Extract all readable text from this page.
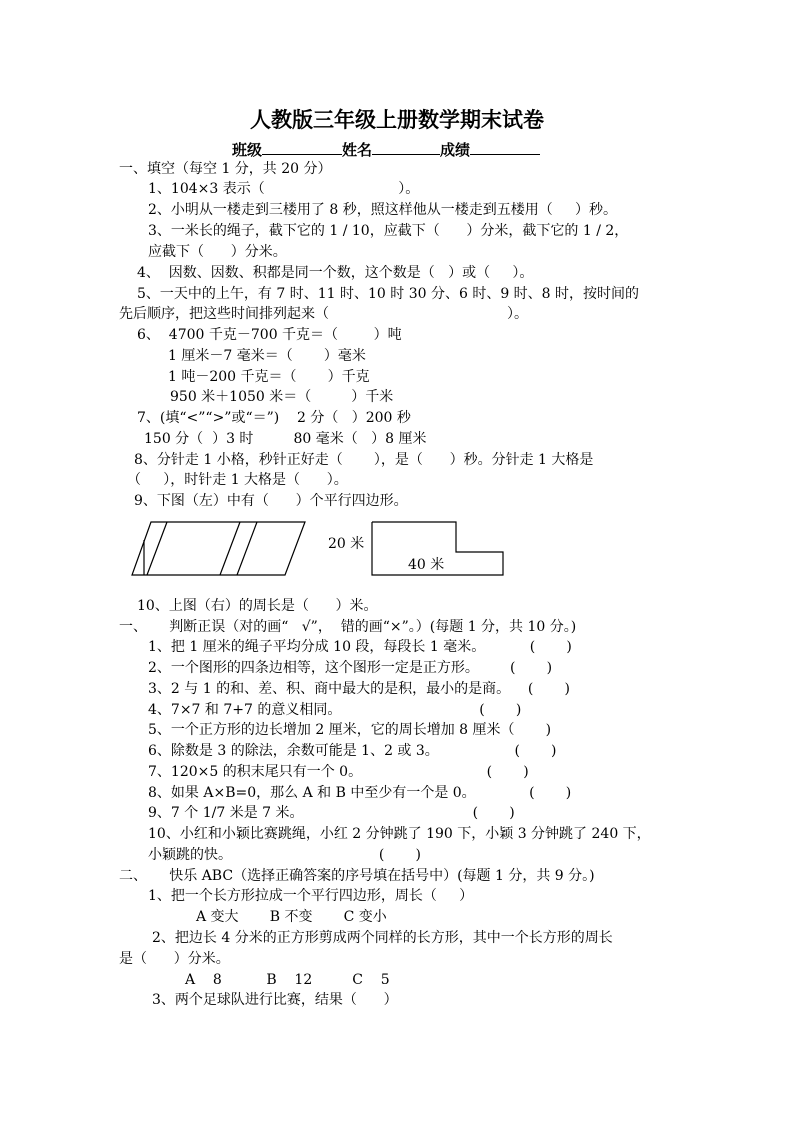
人教版三年级上册数学期末试卷
班级	姓名	成绩
一、填空（每空 1 分，共 20 分）
1、104×3 表示（                              ）。
2、小明从一楼走到三楼用了 8 秒，照这样他从一楼走到五楼用（     ）秒。
3、一米长的绳子，截下它的 1 / 10，应截下（      ）分米，截下它的 1 / 2，
应截下（      ）分米。
4、  因数、因数、积都是同一个数，这个数是（   ）或（     ）。
5、一天中的上午，有 7 时、11 时、10 时 30 分、6 时、9 时、8 时，按时间的
先后顺序，把这些时间排列起来（                                        ）。
6、  4700 千克－700 千克＝（        ）吨
1 厘米－7 毫米＝（       ）毫米
1 吨－200 千克＝（       ）千克
950 米＋1050 米＝（         ）千米
7、(填“<”“>”或“＝”)    2 分（   ）200 秒
150 分（  ）3 时         80 毫米（   ）8 厘米
8、分针走 1 小格，秒针正好走（       ），是（      ）秒。分针走 1 大格是
（     ），时针走 1 大格是（      ）。
9、下图（左）中有（      ）个平行四边形。
20 米
40 米
10、上图（右）的周长是（      ）米。
一、     判断正误（对的画“   √”，  错的画“×”。）(每题 1 分，共 10 分。)
1、把 1 厘米的绳子平均分成 10 段，每段长 1 毫米。          (       )
2、一个图形的四条边相等，这个图形一定是正方形。       (       )
3、2 与 1 的和、差、积、商中最大的是积，最小的是商。    (       )
4、7×7 和 7+7 的意义相同。                               (       )
5、一个正方形的边长增加 2 厘米，它的周长增加 8 厘米（       )
6、除数是 3 的除法，余数可能是 1、2 或 3。                 (       )
7、120×5 的积末尾只有一个 0。                            (       )
8、如果 A×B=0，那么 A 和 B 中至少有一个是 0。            (       )
9、7 个 1/7 米是 7 米。                                      (       )
10、小红和小颖比赛跳绳，小红 2 分钟跳了 190 下，小颖 3 分钟跳了 240 下，
小颖跳的快。                                 (       )
二、     快乐 ABC（选择正确答案的序号填在括号中）(每题 1 分，共 9 分。)
1、把一个长方形拉成一个平行四边形，周长（     ）
A 变大       B 不变       C 变小
2、把边长 4 分米的正方形剪成两个同样的长方形，其中一个长方形的周长
是（      ）分米。
A    8          B    12         C    5
3、两个足球队进行比赛，结果（      ）
